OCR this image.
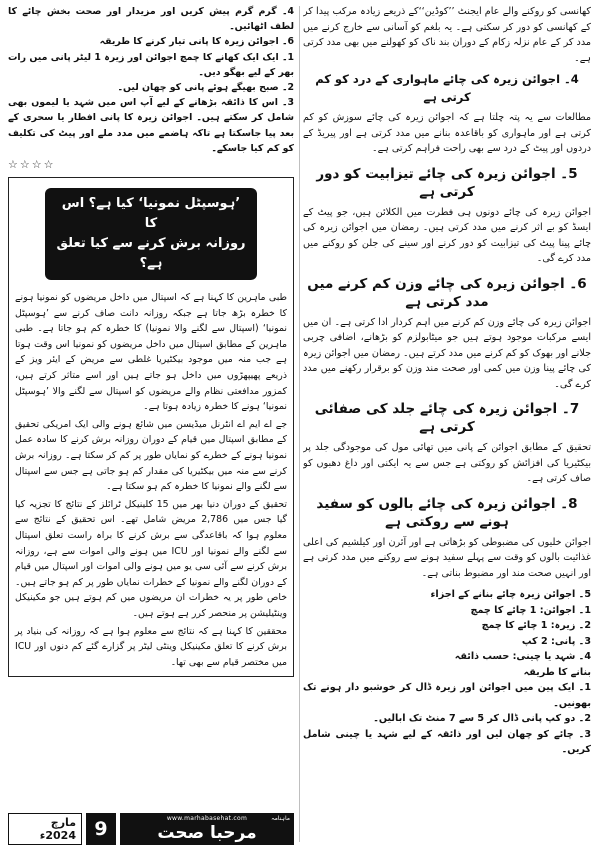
کھانسی کو روکنے والے عام ایجنٹ ’’کوڈین‘‘کے ذریعے زیادہ مرکب پیدا کر کے کھانسی کو دور کر سکتی ہے۔ یہ بلغم کو آسانی سے خارج کرنے میں مدد کر کے عام نزلہ زکام کے دوران بند ناک کو کھولنے میں بھی مدد کرتی ہے۔

4۔ اجوائن زیرہ کی چائے ماہواری کے درد کو کم کرتی ہے

مطالعات سے یہ پتہ چلتا ہے کہ اجوائن زیرہ کی چائے سوزش کو کم کرتی ہے اور ماہواری کو باقاعدہ بنانے میں مدد کرتی ہے اور پیریڈ کے دردوں اور پیٹ کے درد سے بھی راحت فراہم کرتی ہے۔

5۔ اجوائن زیرہ کی چائے تیزابیت کو دور کرتی ہے

اجوائن زیرہ کی چائے دونوں ہی فطرت میں الکلائن ہیں، جو پیٹ کے ایسڈ کو بے اثر کرنے میں مدد کرتی ہیں۔ رمضان میں اجوائن زیرہ کی چائے پینا پیٹ کی تیزابیت کو دور کرنے اور سینے کی جلن کو روکنے میں مدد کرے گی۔

6۔ اجوائن زیرہ کی چائے وزن کم کرنے میں مدد کرتی ہے

اجوائن زیرہ کی چائے وزن کم کرنے میں اہم کردار ادا کرتی ہے۔ ان میں ایسے مرکبات موجود ہوتے ہیں جو میٹابولزم کو بڑھانے، اضافی چربی جلانے اور بھوک کو کم کرنے میں مدد کرتے ہیں۔ رمضان میں اجوائن زیرہ کی چائے پینا وزن میں کمی اور صحت مند وزن کو برقرار رکھنے میں مدد کرے گی۔

7۔ اجوائن زیرہ کی چائے جلد کی صفائی کرتی ہے

تحقیق کے مطابق اجوائن کے پانی میں تھائی مول کی موجودگی جلد پر بیکٹیریا کی افزائش کو روکتی ہے جس سے یہ ایکنی اور داغ دھبوں کو صاف کرتی ہے۔

8۔ اجوائن زیرہ کی چائے بالوں کو سفید ہونے سے روکتی ہے

اجوائن خلیوں کی مضبوطی کو بڑھاتی ہے اور آئرن اور کیلشیم کی اعلی غذائیت بالوں کو وقت سے پہلے سفید ہونے سے روکنے میں مدد کرتی ہے اور انہیں صحت مند اور مضبوط بناتی ہے۔

5۔ اجوائن زیرہ چائے بنانے کے اجزاء
1۔ اجوائن: 1 چائے کا چمچ
2۔ زیرہ: 1 چائے کا چمچ
3۔ پانی: 2 کپ
4۔ شہد یا چینی: حسب ذائقہ
بنانے کا طریقہ
1۔ ایک پین میں اجوائن اور زیرہ ڈال کر خوشبو دار ہونے تک بھونیں۔
2۔ دو کپ پانی ڈال کر 5 سے 7 منٹ تک ابالیں۔
3۔ چائے کو چھان لیں اور ذائقہ کے لیے شہد یا چینی شامل کریں۔
4۔ گرم گرم پیش کریں اور مزیدار اور صحت بخش چائے کا لطف اٹھائیں۔
6۔ اجوائن زیرہ کا پانی تیار کرنے کا طریقہ
1۔ ایک ایک کھانے کا چمچ اجوائن اور زیرہ 1 لیٹر پانی میں رات بھر کے لیے بھگو دیں۔
2۔ صبح بھیگے ہوئے پانی کو چھان لیں۔
3۔ اس کا ذائقہ بڑھانے کے لیے آپ اس میں شہد یا لیموں بھی شامل کر سکتے ہیں۔ اجوائن زیرہ کا پانی افطار یا سحری کے بعد پیا جاسکتا ہے تاکہ ہاضمے میں مدد ملے اور پیٹ کی تکلیف کو کم کیا جاسکے۔
☆☆☆☆
’ہوسپٹل نمونیا‘ کیا ہے؟ اس کا
روزانہ برش کرنے سے کیا تعلق ہے؟

طبی ماہرین کا کہنا ہے کہ اسپتال میں داخل مریضوں کو نمونیا ہونے کا خطرہ بڑھ جاتا ہے جبکہ روزانہ دانت صاف کرنے سے ’ہوسپٹل نمونیا‘ (اسپتال سے لگنے والا نمونیا) کا خطرہ کم ہو جاتا ہے۔ طبی ماہرین کے مطابق اسپتال میں داخل مریضوں کو نمونیا اس وقت ہوتا ہے جب منہ میں موجود بیکٹیریا غلطی سے مریض کے ایئر ویز کے ذریعے پھیپھڑوں میں داخل ہو جاتے ہیں اور اسے متاثر کرتے ہیں، کمزور مدافعتی نظام والے مریضوں کو اسپتال سے لگنے والا ’ہوسپٹل نمونیا‘ ہونے کا خطرہ زیادہ ہوتا ہے۔

جے اے ایم اے انٹرنل میڈیسن میں شائع ہونے والی ایک امریکی تحقیق کے مطابق اسپتال میں قیام کے دوران روزانہ برش کرنے کا سادہ عمل نمونیا ہونے کے خطرے کو نمایاں طور پر کم کر سکتا ہے۔ روزانہ برش کرنے سے منہ میں بیکٹیریا کی مقدار کم ہو جاتی ہے جس سے اسپتال سے لگنے والے نمونیا کا خطرہ کم ہو سکتا ہے۔

تحقیق کے دوران دنیا بھر میں 15 کلینیکل ٹرائلز کے نتائج کا تجزیہ کیا گیا جس میں 2,786 مریض شامل تھے۔ اس تحقیق کے نتائج سے معلوم ہوا کہ باقاعدگی سے برش کرنے کا براہ راست تعلق اسپتال سے لگنے والے نمونیا اور ICU میں ہونے والی اموات سے ہے، روزانہ برش کرنے سے آئی سی یو میں ہونے والی اموات اور اسپتال میں قیام کے دوران لگنے والے نمونیا کے خطرات نمایاں طور پر کم ہو جاتے ہیں۔ خاص طور پر یہ خطرات ان مریضوں میں کم ہوتے ہیں جو مکینیکل وینٹیلیشن پر منحصر کرر ہے ہوتے ہیں۔

محققین کا کہنا ہے کہ نتائج سے معلوم ہوا ہے کہ روزانہ کی بنیاد پر برش کرنے کا تعلق مکینیکل وینٹی لیٹر پر گزارے گئے کم دنوں اور ICU میں مختصر قیام سے بھی تھا۔

مارچ 2024ء 9	ماہنامہ
www.marhabasehat.com
مرحبا صحت
